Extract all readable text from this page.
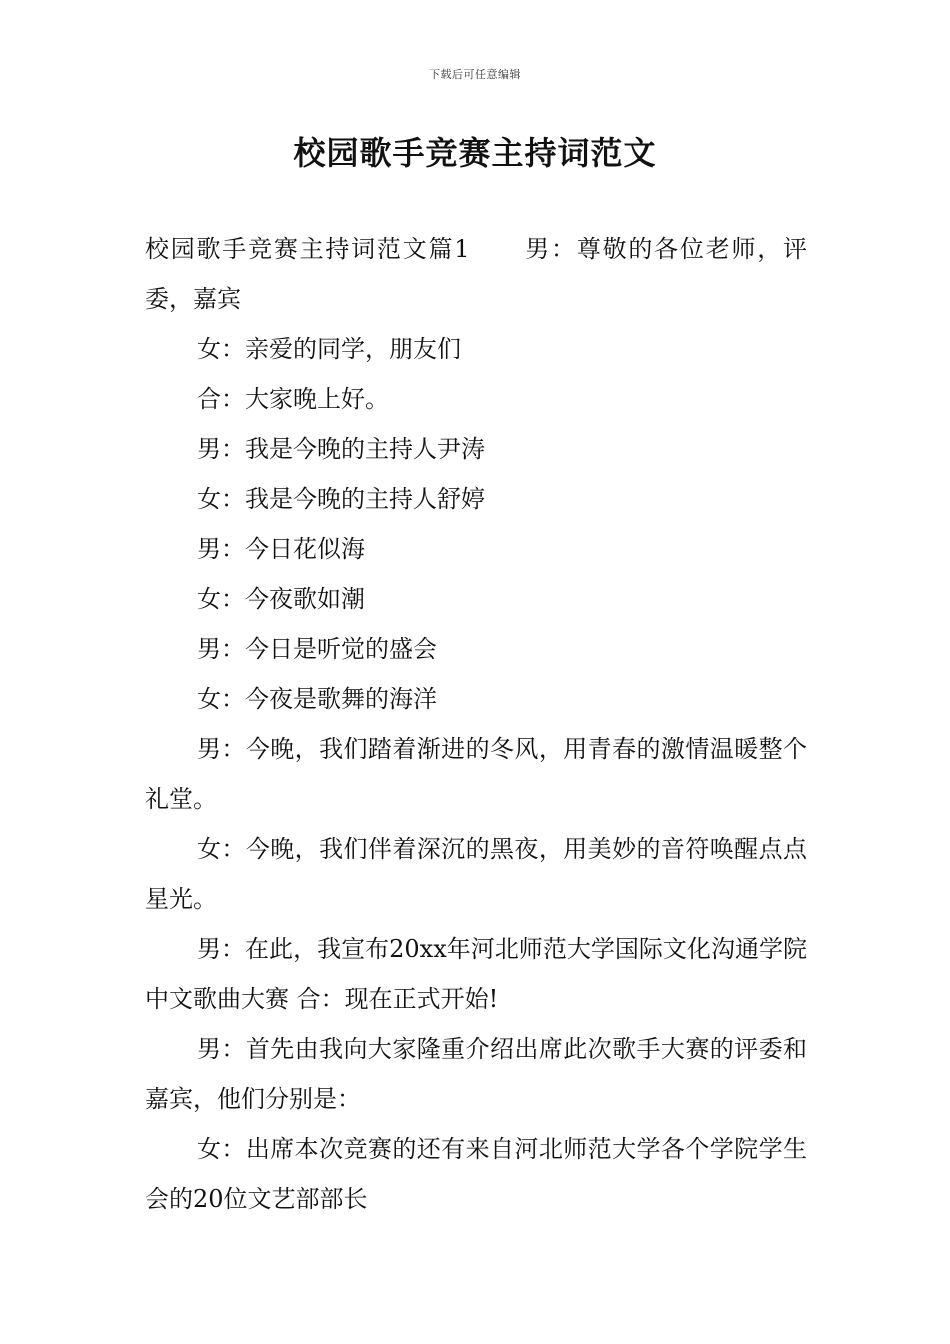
下载后可任意编辑
校园歌手竞赛主持词范文

校园歌手竞赛主持词范文篇1 男：尊敬的各位老师，评委，嘉宾

女：亲爱的同学，朋友们

合：大家晚上好。

男：我是今晚的主持人尹涛

女：我是今晚的主持人舒婷

男：今日花似海

女：今夜歌如潮

男：今日是听觉的盛会

女：今夜是歌舞的海洋

男：今晚，我们踏着渐进的冬风，用青春的激情温暖整个礼堂。

女：今晚，我们伴着深沉的黑夜，用美妙的音符唤醒点点星光。

男：在此，我宣布20xx年河北师范大学国际文化沟通学院中文歌曲大赛 合：现在正式开始!

男：首先由我向大家隆重介绍出席此次歌手大赛的评委和嘉宾，他们分别是：

女：出席本次竞赛的还有来自河北师范大学各个学院学生会的20位文艺部部长
